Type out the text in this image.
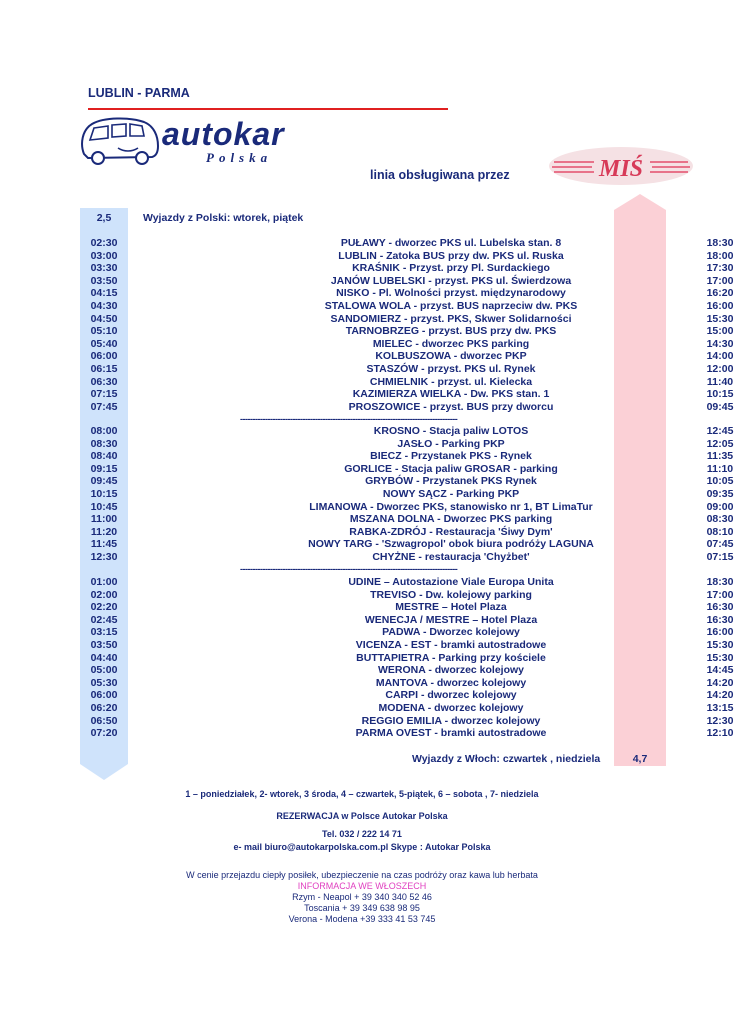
LUBLIN - PARMA
autokar
Polska
linia obsługiwana przez	MIŚ
2,5	Wyjazdy z Polski: wtorek, piątek
02:30	PUŁAWY - dworzec PKS ul. Lubelska stan. 8	18:30
03:00	LUBLIN - Zatoka BUS przy dw. PKS ul. Ruska	18:00
03:30	KRAŚNIK - Przyst. przy Pl. Surdackiego	17:30
03:50	JANÓW LUBELSKI - przyst. PKS ul. Świerdzowa	17:00
04:15	NISKO - Pl. Wolności przyst. międzynarodowy	16:20
04:30	STALOWA WOLA - przyst. BUS naprzeciw dw. PKS	16:00
04:50	SANDOMIERZ - przyst. PKS, Skwer Solidarności	15:30
05:10	TARNOBRZEG - przyst. BUS przy dw. PKS	15:00
05:40	MIELEC - dworzec PKS parking	14:30
06:00	KOLBUSZOWA - dworzec PKP	14:00
06:15	STASZÓW - przyst. PKS ul. Rynek	12:00
06:30	CHMIELNIK - przyst. ul. Kielecka	11:40
07:15	KAZIMIERZA WIELKA - Dw. PKS stan. 1	10:15
07:45	PROSZOWICE - przyst. BUS przy dworcu	09:45
---------------------------------------------------------------------------------------
08:00	KROSNO - Stacja paliw LOTOS	12:45
08:30	JASŁO - Parking PKP	12:05
08:40	BIECZ - Przystanek PKS - Rynek	11:35
09:15	GORLICE - Stacja paliw GROSAR - parking	11:10
09:45	GRYBÓW - Przystanek PKS Rynek	10:05
10:15	NOWY SĄCZ - Parking PKP	09:35
10:45	LIMANOWA - Dworzec PKS, stanowisko nr 1, BT LimaTur	09:00
11:00	MSZANA DOLNA - Dworzec PKS parking	08:30
11:20	RABKA-ZDRÓJ - Restauracja 'Śiwy Dym'	08:10
11:45	NOWY TARG - 'Szwagropol' obok biura podróży LAGUNA	07:45
12:30	CHYŻNE - restauracja 'Chyżbet'	07:15
---------------------------------------------------------------------------------------
01:00	UDINE – Autostazione Viale Europa Unita	18:30
02:00	TREVISO - Dw. kolejowy parking	17:00
02:20	MESTRE – Hotel Plaza	16:30
02:45	WENECJA / MESTRE – Hotel Plaza	16:30
03:15	PADWA - Dworzec kolejowy	16:00
03:50	VICENZA - EST - bramki autostradowe	15:30
04:40	BUTTAPIETRA - Parking przy kościele	15:30
05:00	WERONA - dworzec kolejowy	14:45
05:30	MANTOVA - dworzec kolejowy	14:20
06:00	CARPI - dworzec kolejowy	14:20
06:20	MODENA - dworzec kolejowy	13:15
06:50	REGGIO EMILIA - dworzec kolejowy	12:30
07:20	PARMA OVEST - bramki autostradowe	12:10
Wyjazdy z Włoch: czwartek , niedziela	4,7
1 – poniedziałek, 2- wtorek, 3 środa, 4 – czwartek, 5-piątek, 6 – sobota , 7- niedziela
REZERWACJA w Polsce Autokar Polska
Tel. 032 / 222 14 71
e- mail biuro@autokarpolska.com.pl Skype : Autokar Polska
W cenie przejazdu ciepły posiłek, ubezpieczenie na czas podróży oraz kawa lub herbata
INFORMACJA WE WŁOSZECH
Rzym - Neapol + 39 340 340 52 46
Toscania + 39 349 638 98 95
Verona - Modena +39 333 41 53 745
